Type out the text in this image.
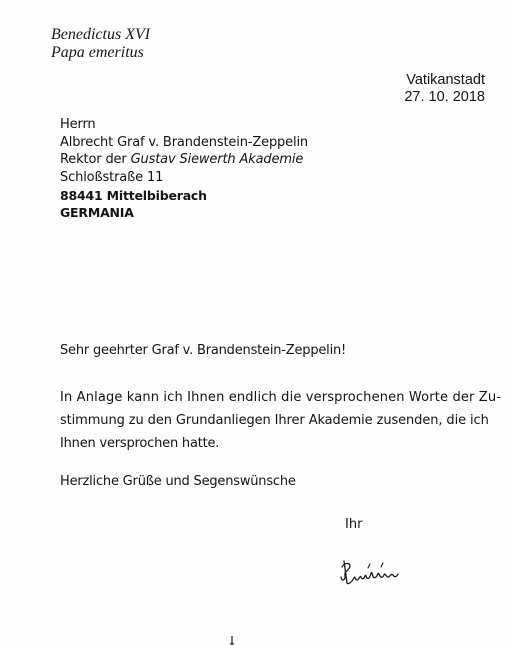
Benedictus XVI
Papa emeritus
Vatikanstadt
27. 10. 2018
Herrn
Albrecht Graf v. Brandenstein-Zeppelin
Rektor der Gustav Siewerth Akademie
Schloßstraße 11
88441 Mittelbiberach
GERMANIA
Sehr geehrter Graf v. Brandenstein-Zeppelin!
In Anlage kann ich Ihnen endlich die versprochenen Worte der Zu-
stimmung zu den Grundanliegen Ihrer Akademie zusenden, die ich
Ihnen versprochen hatte.
Herzliche Grüße und Segenswünsche
Ihr
